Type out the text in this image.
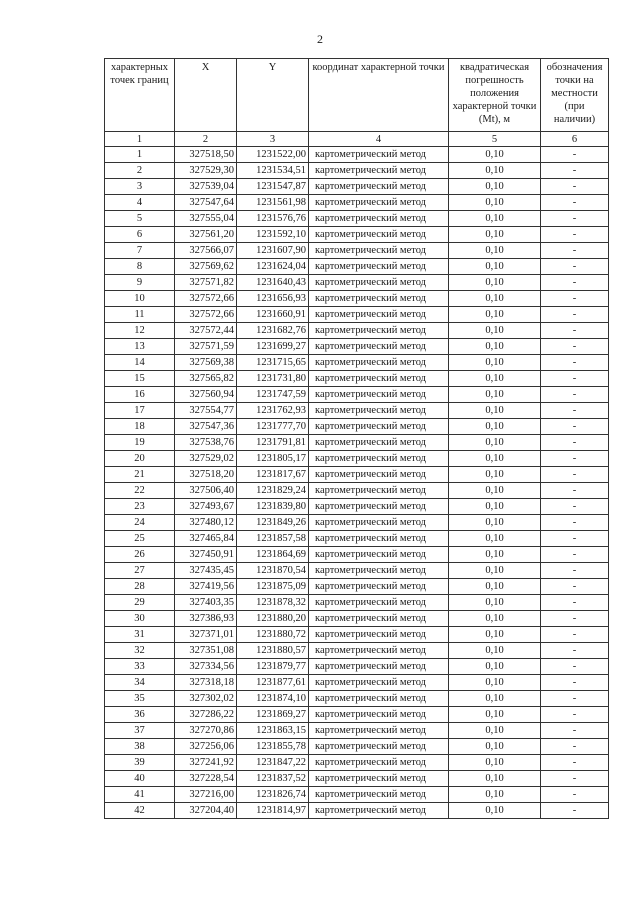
2
характерных точек границ	X	Y	координат характерной точки	квадратическая погрешность положения характерной точки (Mt), м	обозначения точки на местности (при наличии)
1	2	3	4	5	6
1	327518,50	1231522,00	картометрический метод	0,10	-
2	327529,30	1231534,51	картометрический метод	0,10	-
3	327539,04	1231547,87	картометрический метод	0,10	-
4	327547,64	1231561,98	картометрический метод	0,10	-
5	327555,04	1231576,76	картометрический метод	0,10	-
6	327561,20	1231592,10	картометрический метод	0,10	-
7	327566,07	1231607,90	картометрический метод	0,10	-
8	327569,62	1231624,04	картометрический метод	0,10	-
9	327571,82	1231640,43	картометрический метод	0,10	-
10	327572,66	1231656,93	картометрический метод	0,10	-
11	327572,66	1231660,91	картометрический метод	0,10	-
12	327572,44	1231682,76	картометрический метод	0,10	-
13	327571,59	1231699,27	картометрический метод	0,10	-
14	327569,38	1231715,65	картометрический метод	0,10	-
15	327565,82	1231731,80	картометрический метод	0,10	-
16	327560,94	1231747,59	картометрический метод	0,10	-
17	327554,77	1231762,93	картометрический метод	0,10	-
18	327547,36	1231777,70	картометрический метод	0,10	-
19	327538,76	1231791,81	картометрический метод	0,10	-
20	327529,02	1231805,17	картометрический метод	0,10	-
21	327518,20	1231817,67	картометрический метод	0,10	-
22	327506,40	1231829,24	картометрический метод	0,10	-
23	327493,67	1231839,80	картометрический метод	0,10	-
24	327480,12	1231849,26	картометрический метод	0,10	-
25	327465,84	1231857,58	картометрический метод	0,10	-
26	327450,91	1231864,69	картометрический метод	0,10	-
27	327435,45	1231870,54	картометрический метод	0,10	-
28	327419,56	1231875,09	картометрический метод	0,10	-
29	327403,35	1231878,32	картометрический метод	0,10	-
30	327386,93	1231880,20	картометрический метод	0,10	-
31	327371,01	1231880,72	картометрический метод	0,10	-
32	327351,08	1231880,57	картометрический метод	0,10	-
33	327334,56	1231879,77	картометрический метод	0,10	-
34	327318,18	1231877,61	картометрический метод	0,10	-
35	327302,02	1231874,10	картометрический метод	0,10	-
36	327286,22	1231869,27	картометрический метод	0,10	-
37	327270,86	1231863,15	картометрический метод	0,10	-
38	327256,06	1231855,78	картометрический метод	0,10	-
39	327241,92	1231847,22	картометрический метод	0,10	-
40	327228,54	1231837,52	картометрический метод	0,10	-
41	327216,00	1231826,74	картометрический метод	0,10	-
42	327204,40	1231814,97	картометрический метод	0,10	-
